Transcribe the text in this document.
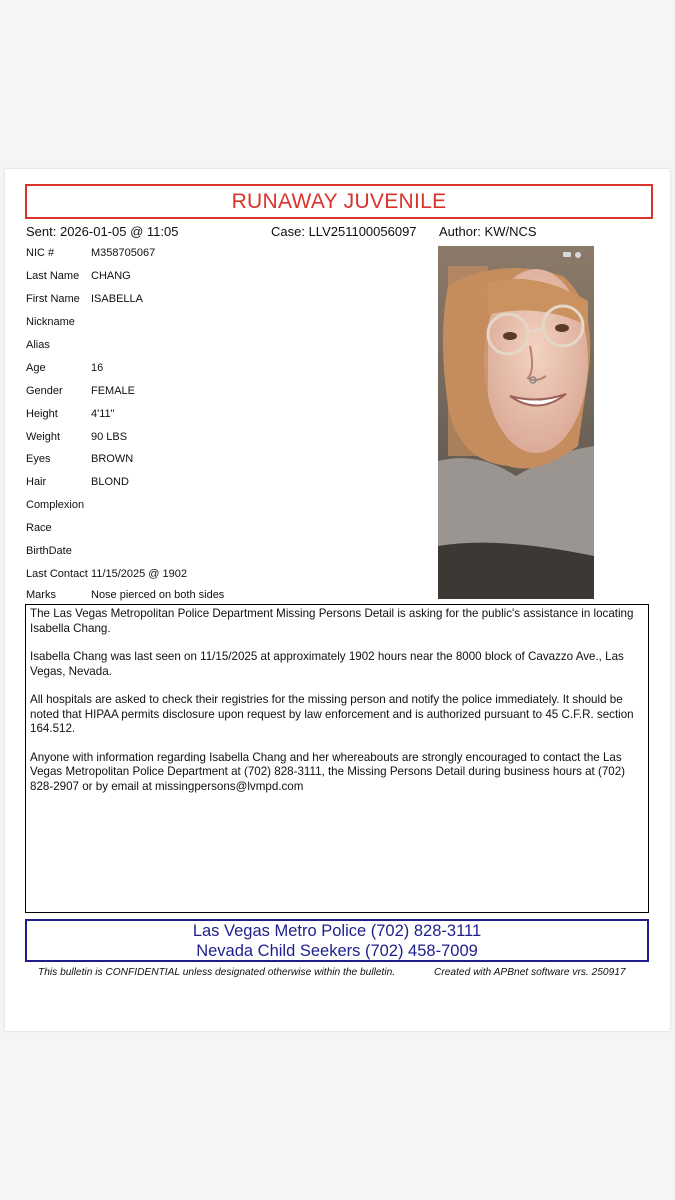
RUNAWAY JUVENILE
Sent: 2026-01-05 @ 11:05	Case: LLV251100056097 Author: KW/NCS
NIC #	M358705067
Last Name CHANG
First Name ISABELLA
Nickname
Alias
Age	16
Gender	FEMALE
Height	4'11"
Weight	90 LBS
Eyes	BROWN
Hair	BLOND
Complexion
Race
BirthDate
Last Contact 11/15/2025 @ 1902
Marks	Nose pierced on both sides

The Las Vegas Metropolitan Police Department Missing Persons Detail is asking for the public's assistance in locating Isabella Chang.

Isabella Chang was last seen on 11/15/2025 at approximately 1902 hours near the 8000 block of Cavazzo Ave., Las Vegas, Nevada.

All hospitals are asked to check their registries for the missing person and notify the police immediately. It should be noted that HIPAA permits disclosure upon request by law enforcement and is authorized pursuant to 45 C.F.R. section 164.512.

Anyone with information regarding Isabella Chang and her whereabouts are strongly encouraged to contact the Las Vegas Metropolitan Police Department at (702) 828-3111, the Missing Persons Detail during business hours at (702) 828-2907 or by email at missingpersons@lvmpd.com

Las Vegas Metro Police (702) 828-3111
Nevada Child Seekers (702) 458-7009
This bulletin is CONFIDENTIAL unless designated otherwise within the bulletin.	Created with APBnet software vrs. 250917
